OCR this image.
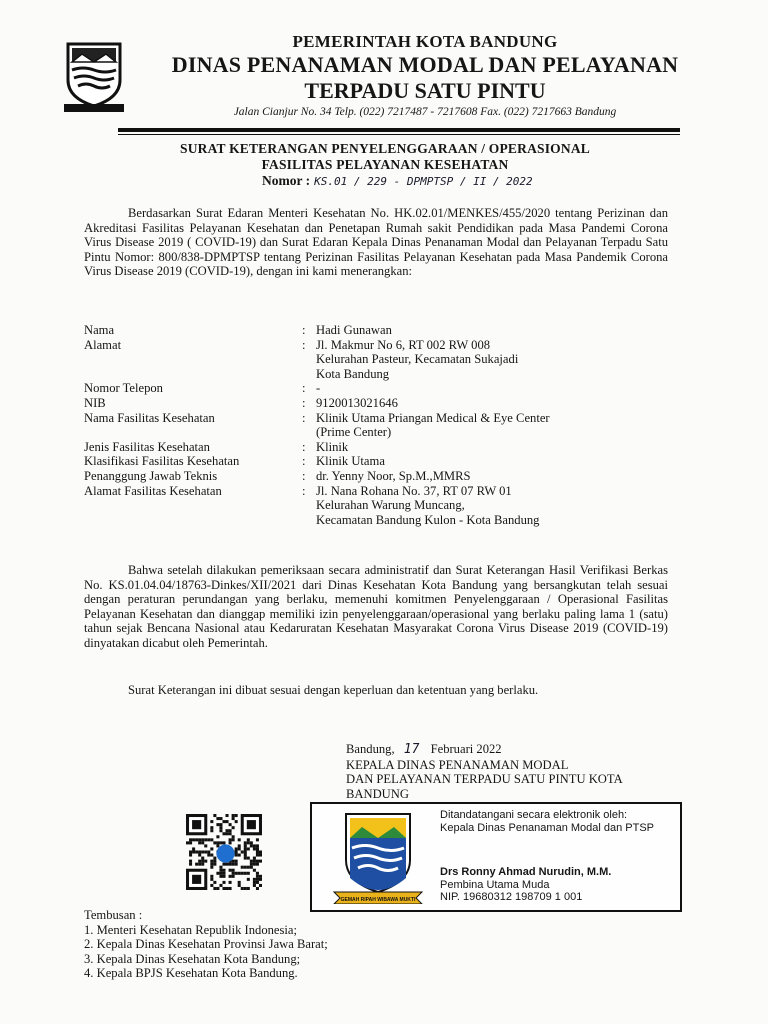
PEMERINTAH KOTA BANDUNG
DINAS PENANAMAN MODAL DAN PELAYANAN
TERPADU SATU PINTU
Jalan Cianjur No. 34 Telp. (022) 7217487 - 7217608 Fax. (022) 7217663 Bandung
SURAT KETERANGAN PENYELENGGARAAN / OPERASIONAL
FASILITAS PELAYANAN KESEHATAN
Nomor : KS.01 / 229 - DPMPTSP / II / 2022

Berdasarkan Surat Edaran Menteri Kesehatan No. HK.02.01/MENKES/455/2020 tentang Perizinan dan Akreditasi Fasilitas Pelayanan Kesehatan dan Penetapan Rumah sakit Pendidikan pada Masa Pandemi Corona Virus Disease 2019 ( COVID-19) dan Surat Edaran Kepala Dinas Penanaman Modal dan Pelayanan Terpadu Satu Pintu Nomor: 800/838-DPMPTSP tentang Perizinan Fasilitas Pelayanan Kesehatan pada Masa Pandemik Corona Virus Disease 2019 (COVID-19), dengan ini kami menerangkan:

Nama	:	Hadi Gunawan
Alamat	:	Jl. Makmur No 6, RT 002 RW 008
		Kelurahan Pasteur, Kecamatan Sukajadi
		Kota Bandung
Nomor Telepon	:	-
NIB	:	9120013021646

Nama Fasilitas Kesehatan	:	Klinik Utama Priangan Medical & Eye Center
		(Prime Center)

Jenis Fasilitas Kesehatan	:	Klinik
Klasifikasi Fasilitas Kesehatan	:	Klinik Utama
Penanggung Jawab Teknis	:	dr. Yenny Noor, Sp.M.,MMRS
Alamat Fasilitas Kesehatan	:	Jl. Nana Rohana No. 37, RT 07 RW 01
		Kelurahan Warung Muncang,
		Kecamatan Bandung Kulon - Kota Bandung

Bahwa setelah dilakukan pemeriksaan secara administratif dan Surat Keterangan Hasil Verifikasi Berkas No. KS.01.04.04/18763-Dinkes/XII/2021 dari Dinas Kesehatan Kota Bandung yang bersangkutan telah sesuai dengan peraturan perundangan yang berlaku, memenuhi komitmen Penyelenggaraan / Operasional Fasilitas Pelayanan Kesehatan dan dianggap memiliki izin penyelenggaraan/operasional yang berlaku paling lama 1 (satu) tahun sejak Bencana Nasional atau Kedaruratan Kesehatan Masyarakat Corona Virus Disease 2019 (COVID-19) dinyatakan dicabut oleh Pemerintah.

Surat Keterangan ini dibuat sesuai dengan keperluan dan ketentuan yang berlaku.

Bandung, 17 Februari 2022
KEPALA DINAS PENANAMAN MODAL
DAN PELAYANAN TERPADU SATU PINTU KOTA
BANDUNG
GEMAH RIPAH WIBAWA MUKTI
Ditandatangani secara elektronik oleh:
Kepala Dinas Penanaman Modal dan PTSP
Drs Ronny Ahmad Nurudin, M.M.
Pembina Utama Muda
NIP. 19680312 198709 1 001
Tembusan :
1. Menteri Kesehatan Republik Indonesia;
2. Kepala Dinas Kesehatan Provinsi Jawa Barat;
3. Kepala Dinas Kesehatan Kota Bandung;
4. Kepala BPJS Kesehatan Kota Bandung.
